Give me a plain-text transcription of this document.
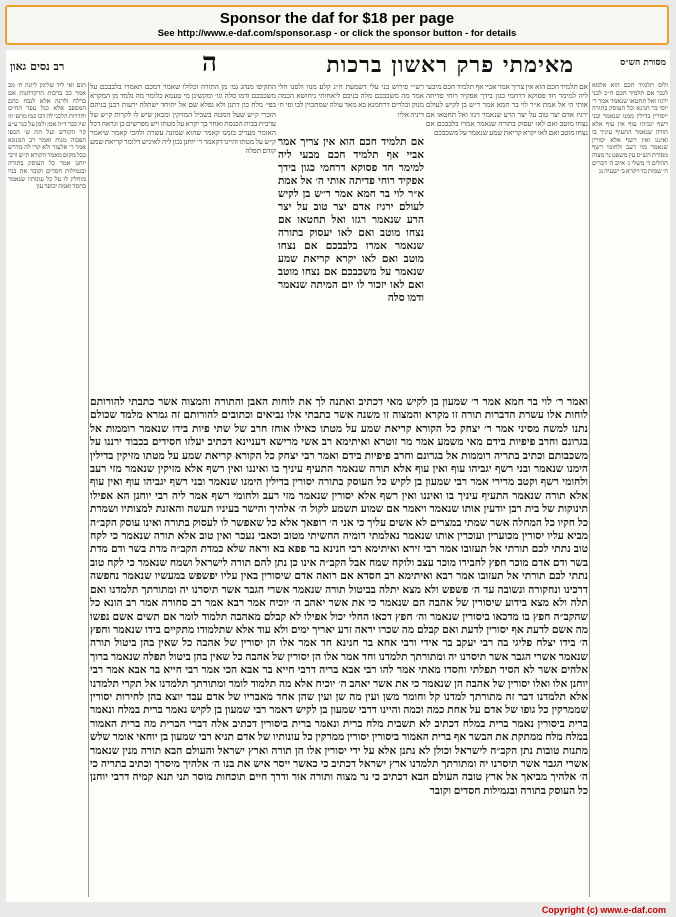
Sponsor the daf for $18 per page
See http://www.e-daf.com/sponsor.asp - or click the sponsor button - for details
מסורת הש״ס
מאימתי פרק ראשון ברכות
ה
רב נסים גאון
תום ואי ליד שלימן ליונה ח׳ מב אמר כב ברכות הרקדחנות אם ברלח ולרנה אלא לנבח כהם המספב אלא כנל עפר הח״ם וחדרות הלכני לה דבו כמו מתפ׳ וזו שיו כבר ד״ה אמן ולמן על כנר ע״ע קר הקודש ועל תת ש׳ הכפו הפכוה מנות ואמר רב המנונא אמר ר׳ אלעזר ולא קרי לה מדרש בכל מקום מאמר הקורא ת״ש ורבי יוחנן אמר כל העוסק בתורה ובגמילות חסדים וקובר את בניו מוחלין לו על כל עונותיו שנאמר בחסד ואמת יכופר עון
ולוס תלמיד חכם הוא אלמא לגבר אם תלמיד חכם ח״כ לבני ירגזו ואל תחטאו שנאמר אמר ר׳ יוסי בר חנינא וכל העוסק בתורה ייסורין בדילין ממנו שנאמר ובני רשף יגביהו עוף אין עוף אלא תורה שנאמר התעיף עיניך בו ואיננו ואין רשף אלא יסורין שנאמר מזי רעב ולחומי רשף מסורת הש״ס עין משפט נר מצוה תהלים ד׳ משלי ג׳ איוב ה׳ דברים ח׳ שמות כד ויקרא ב׳ ישעיה נג
התקיפו מנהג גמ׳ מן התורה וכלולו שאמר דמכם תאמרו בלבבכם על משכבכם ודמו סלה וגו׳ ומקשינן מי טעמא כלומר מה נלמד מן המקרא בפי׳ מלח כון דתנן ולא נפלא שם אל יתיחד ישתלה ירעות רבנן בניהם הזכרי ק״ש שעל המטה בשביל המזיקין ומכאן שיש לו לקרות ק״ש של ערבית בבית הכנסת ואחר כך יקרא על מטתו ויש מפרשים כן ונראה דכל האומר מעריב בזמנו קאמר שהוא שמונה עשרה ולהכי קאמר שיאמר ק״ש על מטתו והיינו דקאמר ר׳ יוחנן נכון ליה לאיניש דלומר קריאת שמע קודם תפלה
רש״י פירוש בני עלי דשמעת ח״ג קלע מנוו ולסנו חלי אמר מה משכבכם מלה בניכם ליאחותי ניחושא הכמה מנוק ובלרים דרחמנא בא מאד עולה שמתכוין לבו ופי ח׳ דיניה אליו
אם תלמיד חכם הוא אין צריך אמר אביי אף תלמיד חכם מבעי ליה למימר חד פסוקא דרחמי כגון בידך אפקיד רוחי פדיתה אותי ה׳ אל אמת א״ר לוי בר חמא אמר ר״ש בן לקיש לעולם ירגיז אדם יצר טוב על יצר הרע שנאמר רגזו ואל תחטאו אם נצחו מוטב ואם לאו יעסוק בתורה שנאמר אמרו בלבבכם אם נצחו מוטב ואם לאו יקרא קריאת שמע שנאמר על משכבכם אם נצחו מוטב ואם לאו יזכור לו יום המיתה שנאמר ודמו סלה
אם תלמיד חכם הוא אין צריך אמר אביי אף תלמיד חכם מיבעי ליה למימר חד פסוקא דרחמי כגון בידך אפקיד רוחי פדיתה אותי ה׳ אל אמת א״ר לוי בר חמא אמר ר״ש בן לקיש לעולם ירגיז אדם יצר טוב על יצר הרע שנאמר רגזו ואל תחטאו אם נצחו מוטב ואם לאו יעסוק בתורה שנאמר אמרו בלבבכם אם נצחו מוטב ואם לאו יקרא קריאת שמע שנאמר על משכבכם
ואמר ר׳ לוי בר חמא אמר ר׳ שמעון בן לקיש מאי דכתיב ואתנה לך את לוחות האבן והתורה והמצוה אשר כתבתי להורותם לוחות אלו עשרת הדברות תורה זו מקרא והמצוה זו משנה אשר כתבתי אלו נביאים וכתובים להורותם זה גמרא מלמד שכולם נתנו למשה מסיני אמר ר׳ יצחק כל הקורא קריאת שמע על מטתו כאילו אוחז חרב של שתי פיות בידו שנאמר רוממות אל בגרונם וחרב פיפיות בידם מאי משמע אמר מר זוטרא ואיתימא רב אשי מרישא דעניינא דכתיב יעלזו חסידים בכבוד ירננו על משכבותם וכתיב בתריה רוממות אל בגרונם וחרב פיפיות בידם ואמר רבי יצחק כל הקורא קריאת שמע על מטתו מזיקין בדילין הימנו שנאמר ובני רשף יגביהו עוף ואין עוף אלא תורה שנאמר התעיף עיניך בו ואיננו ואין רשף אלא מזיקין שנאמר מזי רעב ולחומי רשף וקטב מרירי אמר רבי שמעון בן לקיש כל העוסק בתורה יסורין בדילין הימנו שנאמר ובני רשף יגביהו עוף ואין עוף אלא תורה שנאמר התעיף עיניך בו ואיננו ואין רשף אלא יסורין שנאמר מזי רעב ולחומי רשף אמר ליה רבי יוחנן הא אפילו תינוקות של בית רבן יודעין אותו שנאמר ויאמר אם שמוע תשמע לקול ה׳ אלהיך והישר בעיניו תעשה והאזנת למצותיו ושמרת כל חקיו כל המחלה אשר שמתי במצרים לא אשים עליך כי אני ה׳ רופאך אלא כל שאפשר לו לעסוק בתורה ואינו עוסק הקב״ה מביא עליו יסורין מכוערין ועוכרין אותו שנאמר נאלמתי דומיה החשיתי מטוב וכאבי נעכר ואין טוב אלא תורה שנאמר כי לקח טוב נתתי לכם תורתי אל תעזובו אמר רבי זירא ואיתימא רבי חנינא בר פפא בא וראה שלא כמדת הקב״ה מדת בשר ודם מדת בשר ודם אדם מוכר חפץ לחבירו מוכר עצב ולוקח שמח אבל הקב״ה אינו כן נתן להם תורה לישראל ושמח שנאמר כי לקח טוב נתתי לכם תורתי אל תעזובו אמר רבא ואיתימא רב חסדא אם רואה אדם שיסורין באין עליו יפשפש במעשיו שנאמר נחפשה דרכינו ונחקורה ונשובה עד ה׳ פשפש ולא מצא יתלה בביטול תורה שנאמר אשרי הגבר אשר תיסרנו יה ומתורתך תלמדנו ואם תלה ולא מצא בידוע שיסורין של אהבה הם שנאמר כי את אשר יאהב ה׳ יוכיח אמר רבא אמר רב סחורה אמר רב הונא כל שהקב״ה חפץ בו מדכאו ביסורין שנאמר וה׳ חפץ דכאו החלי יכול אפילו לא קבלם מאהבה תלמוד לומר אם תשים אשם נפשו מה אשם לדעת אף יסורין לדעת ואם קבלם מה שכרו יראה זרע יאריך ימים ולא עוד אלא שתלמודו מתקיים בידו שנאמר וחפץ ה׳ בידו יצלח פליגי בה רבי יעקב בר אידי ורבי אחא בר חנינא חד אמר אלו הן יסורין של אהבה כל שאין בהן ביטול תורה שנאמר אשרי הגבר אשר תיסרנו יה ומתורתך תלמדנו וחד אמר אלו הן יסורין של אהבה כל שאין בהן ביטול תפלה שנאמר ברוך אלהים אשר לא הסיר תפלתי וחסדו מאתי אמר להו רבי אבא בריה דרבי חייא בר אבא הכי אמר רבי חייא בר אבא אמר רבי יוחנן אלו ואלו יסורין של אהבה הן שנאמר כי את אשר יאהב ה׳ יוכיח אלא מה תלמוד לומר ומתורתך תלמדנו אל תקרי תלמדנו אלא תלמדנו דבר זה מתורתך למדנו קל וחומר משן ועין מה שן ועין שהן אחד מאבריו של אדם עבד יוצא בהן לחירות יסורין שממרקין כל גופו של אדם על אחת כמה וכמה והיינו דרבי שמעון בן לקיש דאמר רבי שמעון בן לקיש נאמר ברית במלח ונאמר ברית ביסורין נאמר ברית במלח דכתיב לא תשבית מלח ברית ונאמר ברית ביסורין דכתיב אלה דברי הברית מה ברית האמור במלח מלח ממתקת את הבשר אף ברית האמור ביסורין יסורין ממרקין כל עונותיו של אדם תניא רבי שמעון בן יוחאי אומר שלש מתנות טובות נתן הקב״ה לישראל וכולן לא נתנן אלא על ידי יסורין אלו הן תורה וארץ ישראל והעולם הבא תורה מנין שנאמר אשרי הגבר אשר תיסרנו יה ומתורתך תלמדנו ארץ ישראל דכתיב כי כאשר ייסר איש את בנו ה׳ אלהיך מיסרך וכתיב בתריה כי ה׳ אלהיך מביאך אל ארץ טובה העולם הבא דכתיב כי נר מצוה ותורה אור ודרך חיים תוכחות מוסר תני תנא קמיה דרבי יוחנן כל העוסק בתורה ובגמילות חסדים וקובר
Copyright (c) www.e-daf.com
